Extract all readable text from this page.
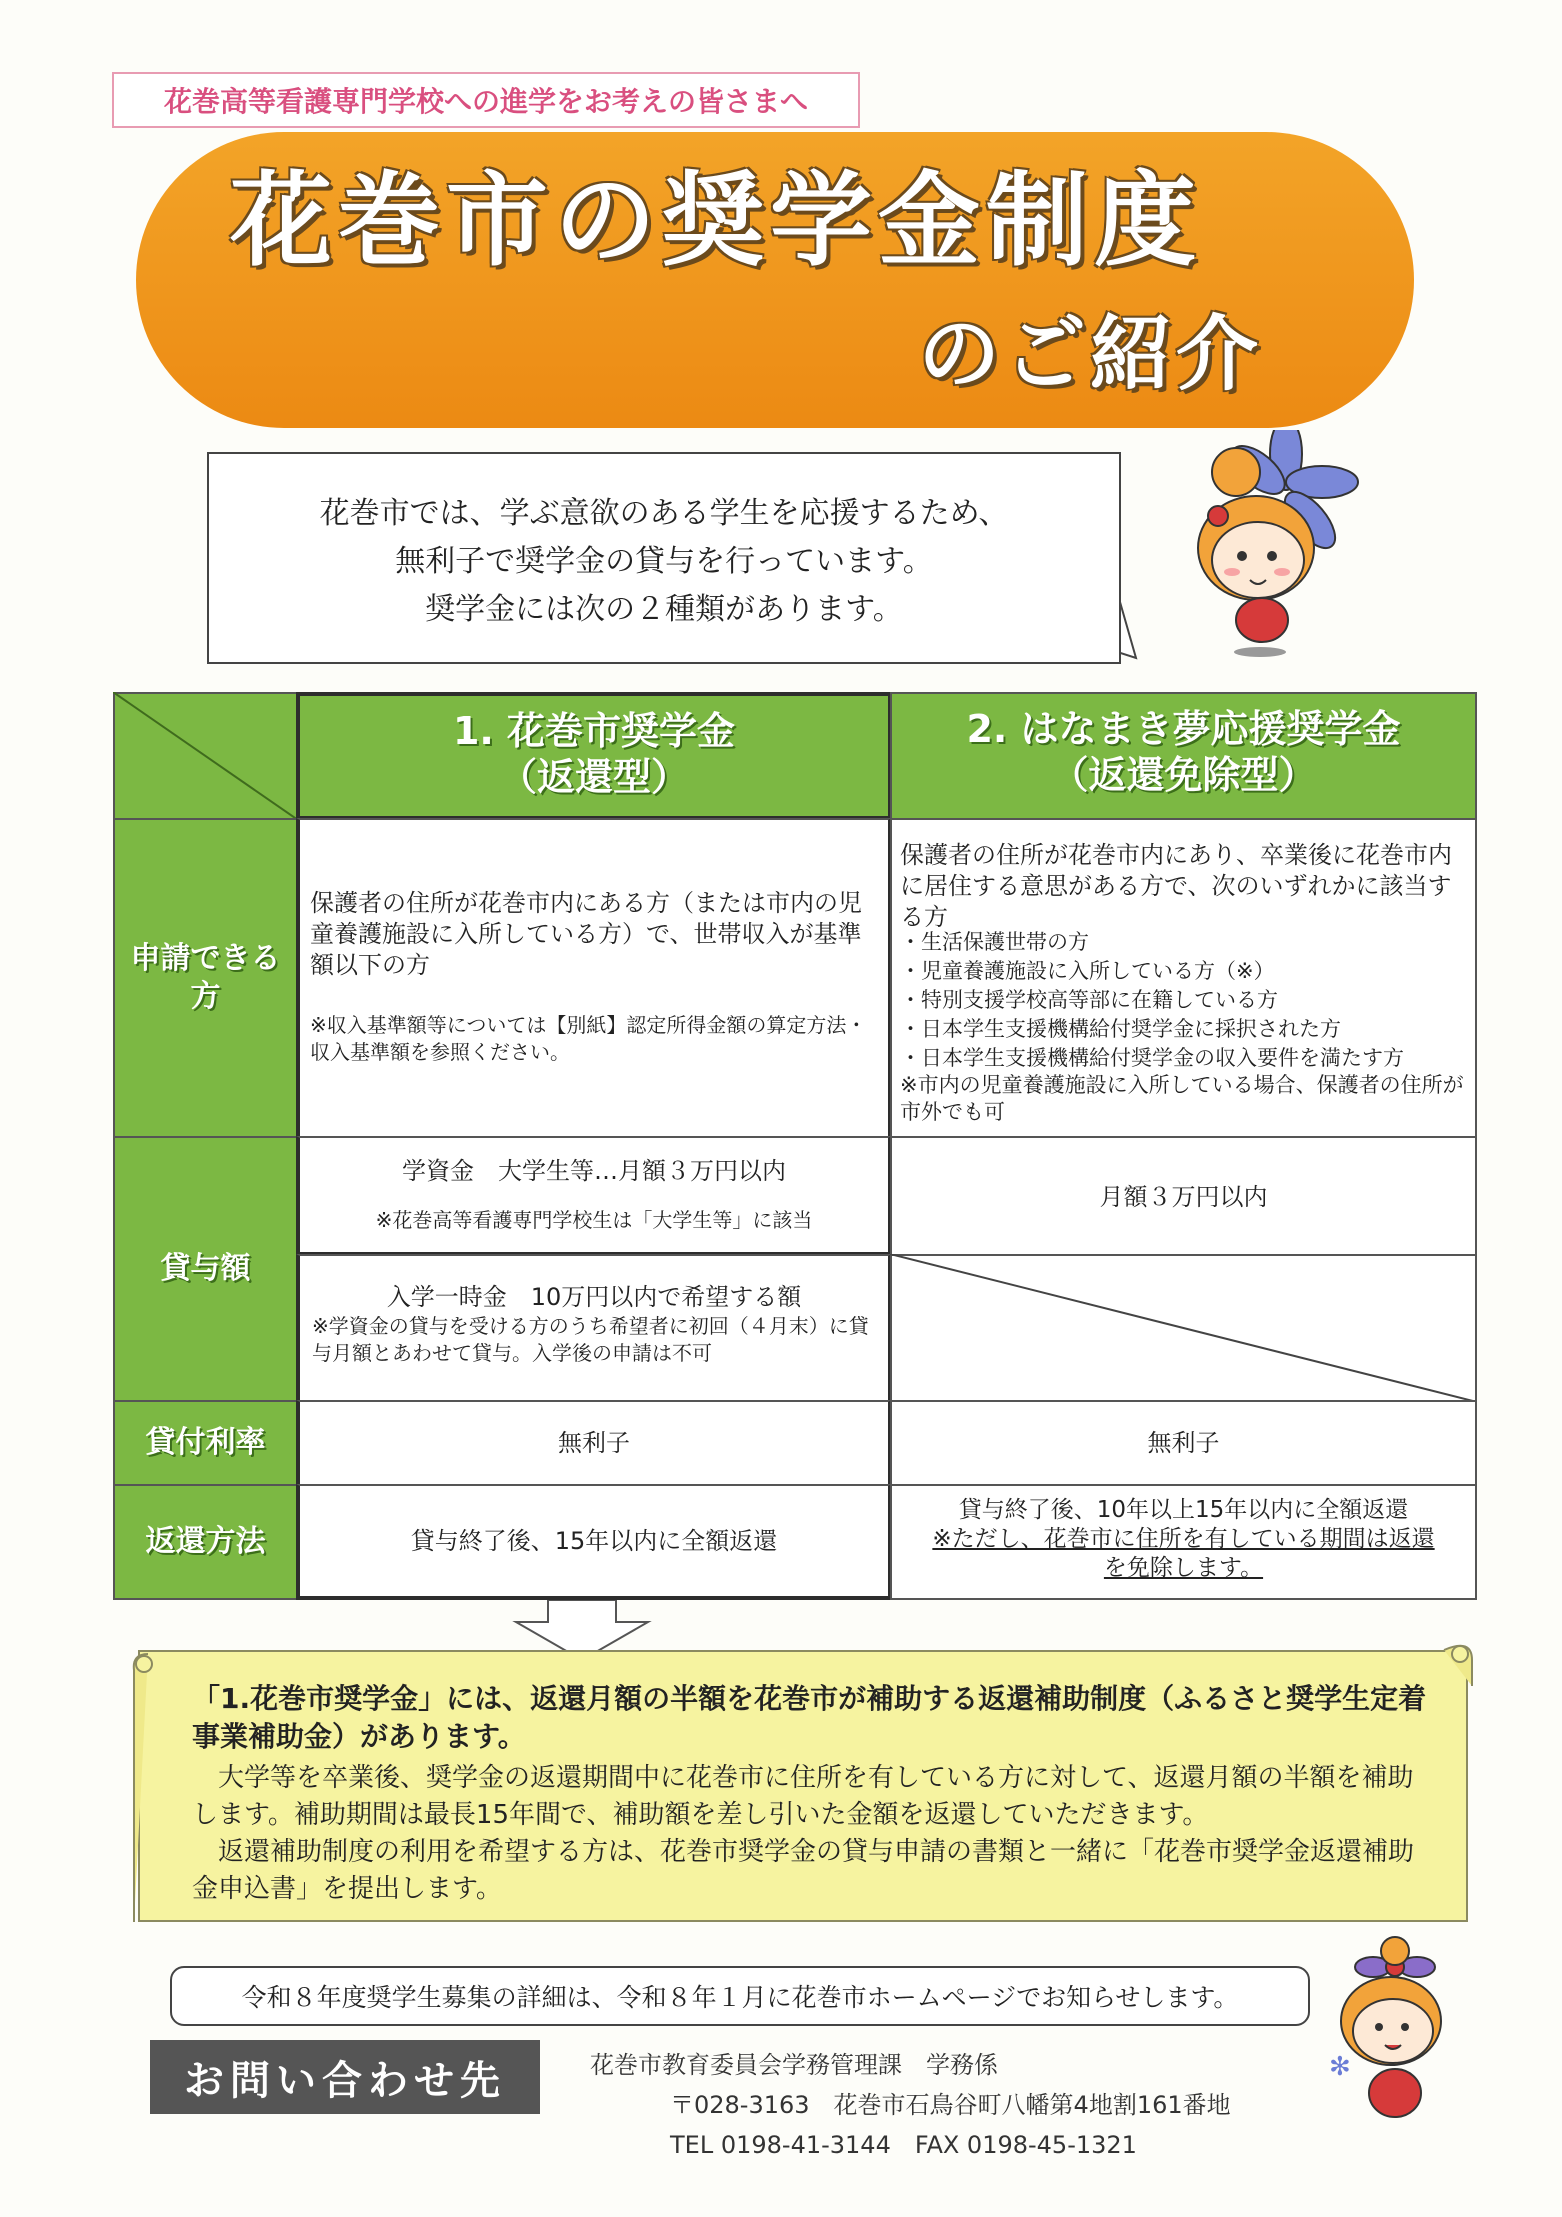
花巻高等看護専門学校への進学をお考えの皆さまへ
花巻市の奨学金制度
のご紹介
花巻市では、学ぶ意欲のある学生を応援するため、
無利子で奨学金の貸与を行っています。
奨学金には次の２種類があります。
1. 花巻市奨学金
（返還型）
2. はなまき夢応援奨学金
（返還免除型）
申請できる
方
貸与額
貸付利率
返還方法
保護者の住所が花巻市内にある方（または市内の児童養護施設に入所している方）で、世帯収入が基準額以下の方
※収入基準額等については【別紙】認定所得金額の算定方法・収入基準額を参照ください。
保護者の住所が花巻市内にあり、卒業後に花巻市内に居住する意思がある方で、次のいずれかに該当する方
・生活保護世帯の方
・児童養護施設に入所している方（※）
・特別支援学校高等部に在籍している方
・日本学生支援機構給付奨学金に採択された方
・日本学生支援機構給付奨学金の収入要件を満たす方
※市内の児童養護施設に入所している場合、保護者の住所が市外でも可
学資金　大学生等…月額３万円以内
※花巻高等看護専門学校生は「大学生等」に該当
入学一時金　10万円以内で希望する額
※学資金の貸与を受ける方のうち希望者に初回（４月末）に貸与月額とあわせて貸与。入学後の申請は不可
月額３万円以内
無利子	無利子
貸与終了後、15年以内に全額返還
貸与終了後、10年以上15年以内に全額返還
※ただし、花巻市に住所を有している期間は返還
を免除します。
「1.花巻市奨学金」には、返還月額の半額を花巻市が補助する返還補助制度（ふるさと奨学生定着事業補助金）があります。
大学等を卒業後、奨学金の返還期間中に花巻市に住所を有している方に対して、返還月額の半額を補助します。補助期間は最長15年間で、補助額を差し引いた金額を返還していただきます。
返還補助制度の利用を希望する方は、花巻市奨学金の貸与申請の書類と一緒に「花巻市奨学金返還補助金申込書」を提出します。
令和８年度奨学生募集の詳細は、令和８年１月に花巻市ホームページでお知らせします。
✻
お問い合わせ先	花巻市教育委員会学務管理課　学務係
〒028-3163　花巻市石鳥谷町八幡第4地割161番地
TEL 0198-41-3144　FAX 0198-45-1321
